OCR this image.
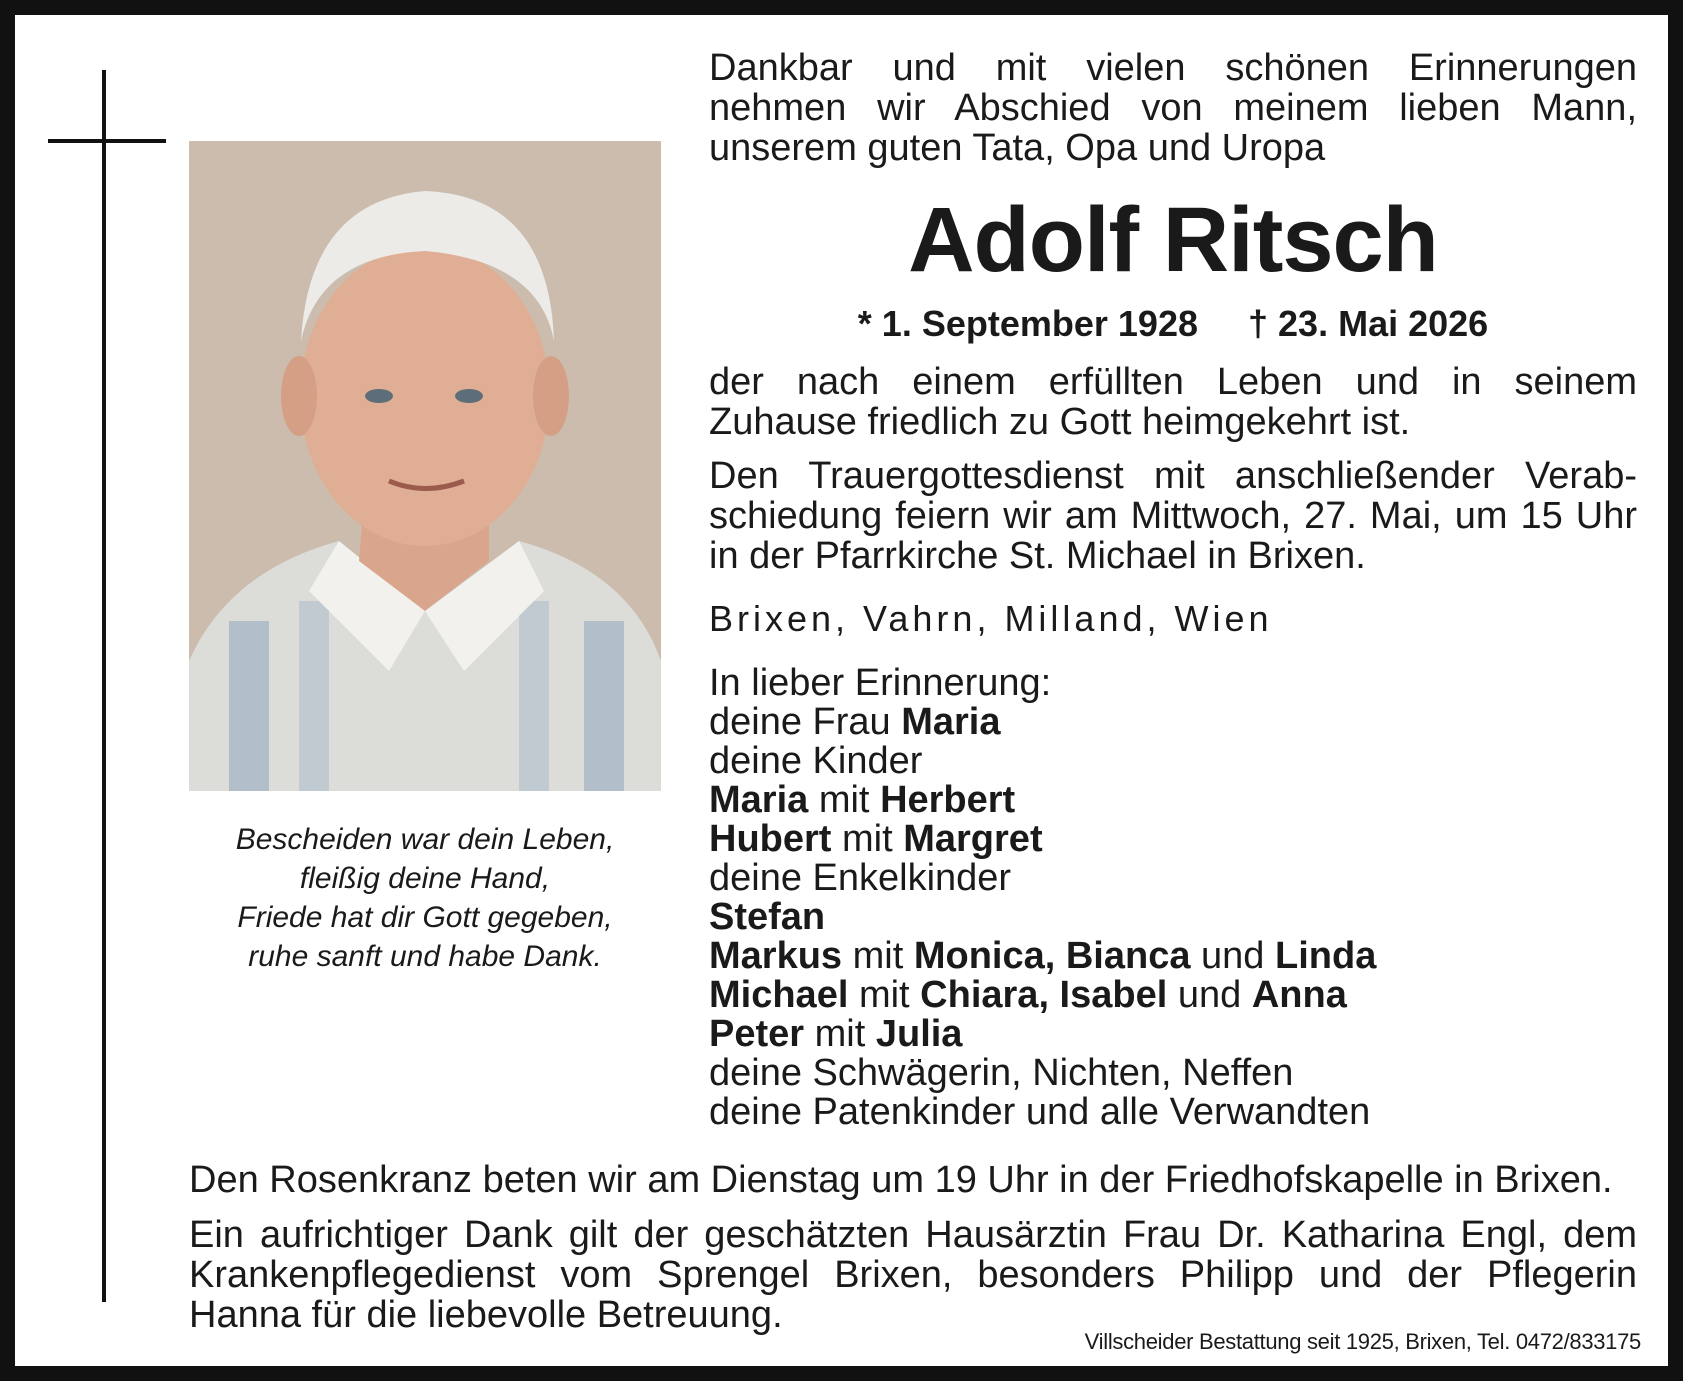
Bescheiden war dein Leben,
fleißig deine Hand,
Friede hat dir Gott gegeben,
ruhe sanft und habe Dank.
Dankbar und mit vielen schönen Erinnerungen
nehmen wir Abschied von meinem lieben Mann,
unserem guten Tata, Opa und Uropa
Adolf Ritsch
* 1. September 1928 † 23. Mai 2026
der nach einem erfüllten Leben und in seinem
Zuhause friedlich zu Gott heimgekehrt ist.
Den Trauergottesdienst mit anschließender Verab-
schiedung feiern wir am Mittwoch, 27. Mai, um 15 Uhr
in der Pfarrkirche St. Michael in Brixen.
Brixen, Vahrn, Milland, Wien
In lieber Erinnerung:
deine Frau Maria
deine Kinder
Maria mit Herbert
Hubert mit Margret
deine Enkelkinder
Stefan
Markus mit Monica, Bianca und Linda
Michael mit Chiara, Isabel und Anna
Peter mit Julia
deine Schwägerin, Nichten, Neffen
deine Patenkinder und alle Verwandten
Den Rosenkranz beten wir am Dienstag um 19 Uhr in der Friedhofskapelle in Brixen.
Ein aufrichtiger Dank gilt der geschätzten Hausärztin Frau Dr. Katharina Engl, dem
Krankenpflegedienst vom Sprengel Brixen, besonders Philipp und der Pflegerin
Hanna für die liebevolle Betreuung.
Villscheider Bestattung seit 1925, Brixen, Tel. 0472/833175
